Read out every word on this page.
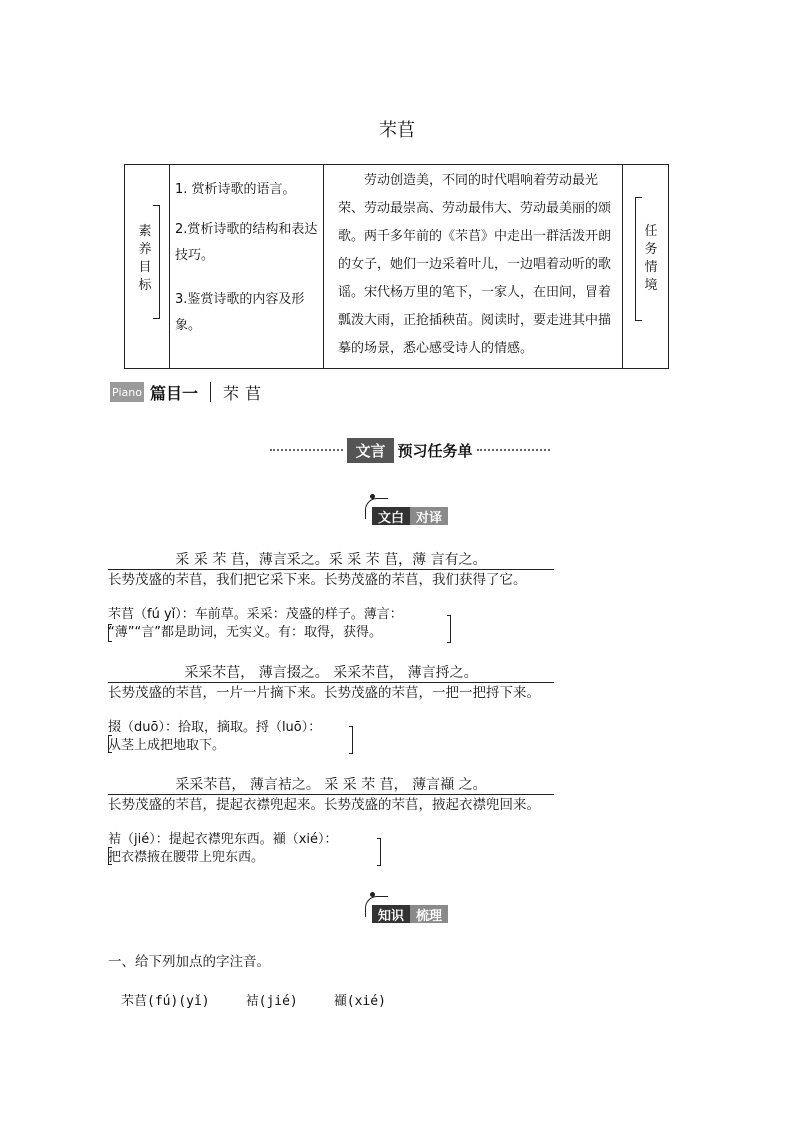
芣苢
素养目标
1. 赏析诗歌的语言。
2.赏析诗歌的结构和表达技巧。
3.鉴赏诗歌的内容及形象。
劳动创造美，不同的时代唱响着劳动最光荣、劳动最崇高、劳动最伟大、劳动最美丽的颂歌。两千多年前的《芣苢》中走出一群活泼开朗的女子，她们一边采着叶儿，一边唱着动听的歌谣。宋代杨万里的笔下，一家人，在田间，冒着瓢泼大雨，正抢插秧苗。阅读时，要走进其中描摹的场景，悉心感受诗人的情感。
任务情境
Piano 篇目一 芣苢
文言 预习任务单
文白 对译
采 采 芣 苢，薄言采之。采 采 芣 苢，薄 言有之。
长势茂盛的芣苢，我们把它采下来。长势茂盛的芣苢，我们获得了它。
芣苢（fú yǐ）：车前草。采采：茂盛的样子。薄言：
“薄”“言”都是助词，无实义。有：取得，获得。
采采芣苢， 薄言掇之。 采采芣苢， 薄言捋之。
长势茂盛的芣苢，一片一片摘下来。长势茂盛的芣苢，一把一把捋下来。
掇（duō）：拾取，摘取。捋（luō）：
从茎上成把地取下。
采采芣苢， 薄言袺之。 采 采 芣 苢， 薄言襭 之。
长势茂盛的芣苢，提起衣襟兜起来。长势茂盛的芣苢，掖起衣襟兜回来。
袺（jié）：提起衣襟兜东西。襭（xié）：
把衣襟掖在腰带上兜东西。
知识 梳理
一、给下列加点的字注音。
芣苢(fú)(yǐ)	袺(jié)	襭(xié)
